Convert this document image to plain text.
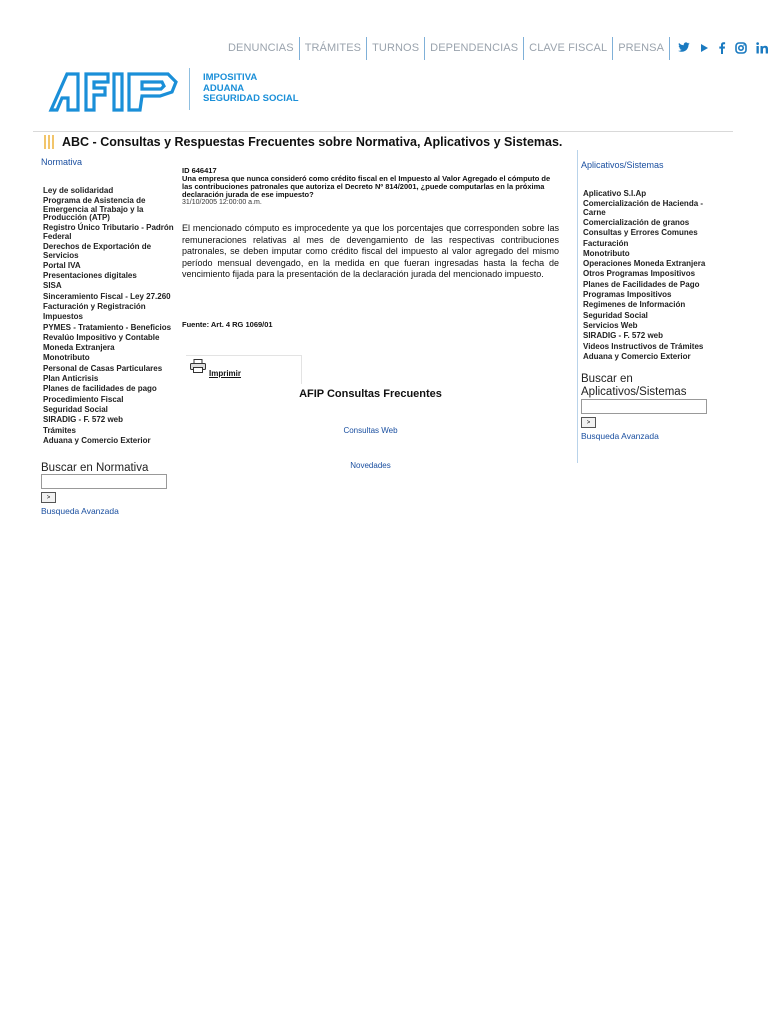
DENUNCIAS	TRÁMITES	TURNOS	DEPENDENCIAS	CLAVE FISCAL	PRENSA
IMPOSITIVA
ADUANA
SEGURIDAD SOCIAL
ABC - Consultas y Respuestas Frecuentes sobre Normativa, Aplicativos y Sistemas.
Normativa
Ley de solidaridad
Programa de Asistencia de Emergencia al Trabajo y la Producción (ATP)
Registro Único Tributario - Padrón Federal
Derechos de Exportación de Servicios
Portal IVA
Presentaciones digitales
SISA
Sinceramiento Fiscal - Ley 27.260
Facturación y Registración
Impuestos
PYMES - Tratamiento - Beneficios
Revalúo Impositivo y Contable
Moneda Extranjera
Monotributo
Personal de Casas Particulares
Plan Anticrisis
Planes de facilidades de pago
Procedimiento Fiscal
Seguridad Social
SIRADIG - F. 572 web
Trámites
Aduana y Comercio Exterior
Buscar en Normativa
>
Busqueda Avanzada
ID 646417
Una empresa que nunca consideró como crédito fiscal en el Impuesto al Valor Agregado el cómputo de las contribuciones patronales que autoriza el Decreto Nº 814/2001, ¿puede computarlas en la próxima declaración jurada de ese impuesto?
31/10/2005 12:00:00 a.m.
El mencionado cómputo es improcedente ya que los porcentajes que corresponden sobre las remuneraciones relativas al mes de devengamiento de las respectivas contribuciones patronales, se deben imputar como crédito fiscal del impuesto al valor agregado del mismo período mensual devengado, en la medida en que fueran ingresadas hasta la fecha de vencimiento fijada para la presentación de la declaración jurada del mencionado impuesto.
Fuente: Art. 4 RG 1069/01
Imprimir
AFIP Consultas Frecuentes
Consultas Web
Novedades
Aplicativos/Sistemas
Aplicativo S.I.Ap
Comercialización de Hacienda - Carne
Comercialización de granos
Consultas y Errores Comunes
Facturación
Monotributo
Operaciones Moneda Extranjera
Otros Programas Impositivos
Planes de Facilidades de Pago
Programas Impositivos
Regimenes de Información
Seguridad Social
Servicios Web
SIRADIG - F. 572 web
Videos Instructivos de Trámites
Aduana y Comercio Exterior
Buscar en
Aplicativos/Sistemas
>
Busqueda Avanzada
